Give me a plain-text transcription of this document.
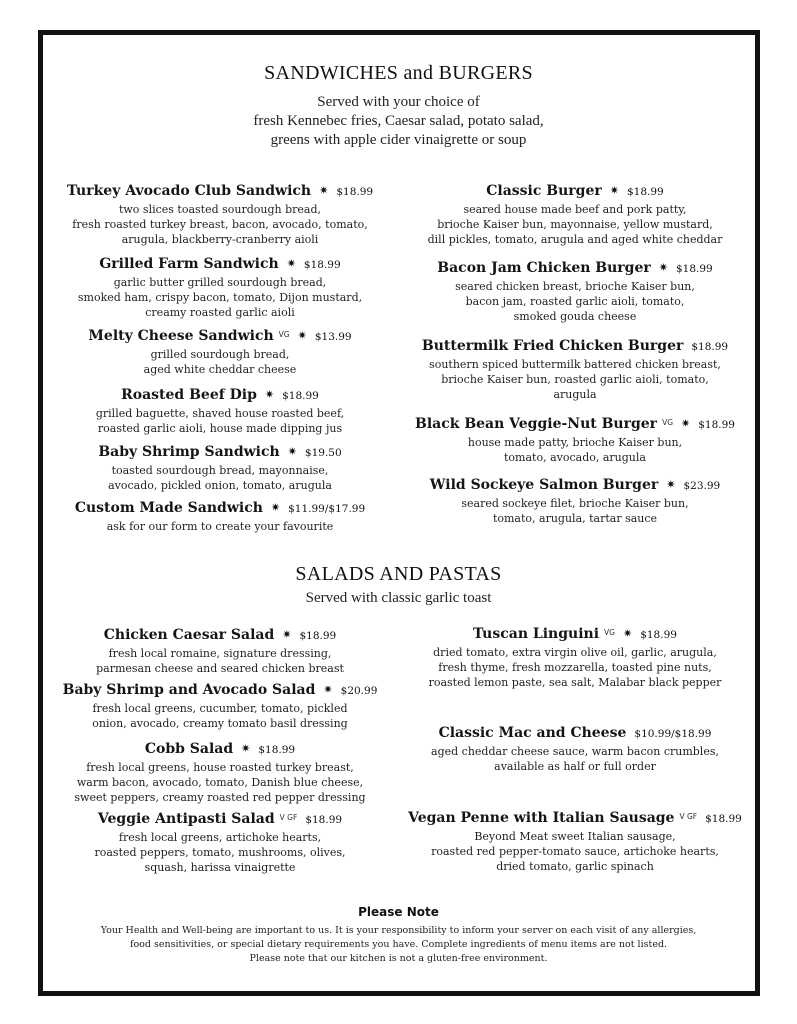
SANDWICHES and BURGERS
Served with your choice of
fresh Kennebec fries, Caesar salad, potato salad,
greens with apple cider vinaigrette or soup
SALADS AND PASTAS
Served with classic garlic toast
Turkey Avocado Club Sandwich ✷ $18.99
two slices toasted sourdough bread,
fresh roasted turkey breast, bacon, avocado, tomato,
arugula, blackberry-cranberry aioli
Grilled Farm Sandwich ✷ $18.99
garlic butter grilled sourdough bread,
smoked ham, crispy bacon, tomato, Dijon mustard,
creamy roasted garlic aioli
Melty Cheese Sandwich VG ✷ $13.99
grilled sourdough bread,
aged white cheddar cheese
Roasted Beef Dip ✷ $18.99
grilled baguette, shaved house roasted beef,
roasted garlic aioli, house made dipping jus
Baby Shrimp Sandwich ✷ $19.50
toasted sourdough bread, mayonnaise,
avocado, pickled onion, tomato, arugula
Custom Made Sandwich ✷ $11.99/$17.99
ask for our form to create your favourite
Classic Burger ✷ $18.99
seared house made beef and pork patty,
brioche Kaiser bun, mayonnaise, yellow mustard,
dill pickles, tomato, arugula and aged white cheddar
Bacon Jam Chicken Burger ✷ $18.99
seared chicken breast, brioche Kaiser bun,
bacon jam, roasted garlic aioli, tomato,
smoked gouda cheese
Buttermilk Fried Chicken Burger $18.99
southern spiced buttermilk battered chicken breast,
brioche Kaiser bun, roasted garlic aioli, tomato,
arugula
Black Bean Veggie-Nut Burger VG ✷ $18.99
house made patty, brioche Kaiser bun,
tomato, avocado, arugula
Wild Sockeye Salmon Burger ✷ $23.99
seared sockeye filet, brioche Kaiser bun,
tomato, arugula, tartar sauce
Chicken Caesar Salad ✷ $18.99
fresh local romaine, signature dressing,
parmesan cheese and seared chicken breast
Baby Shrimp and Avocado Salad ✷ $20.99
fresh local greens, cucumber, tomato, pickled
onion, avocado, creamy tomato basil dressing
Cobb Salad ✷ $18.99
fresh local greens, house roasted turkey breast,
warm bacon, avocado, tomato, Danish blue cheese,
sweet peppers, creamy roasted red pepper dressing
Veggie Antipasti Salad V GF $18.99
fresh local greens, artichoke hearts,
roasted peppers, tomato, mushrooms, olives,
squash, harissa vinaigrette
Tuscan Linguini VG ✷ $18.99
dried tomato, extra virgin olive oil, garlic, arugula,
fresh thyme, fresh mozzarella, toasted pine nuts,
roasted lemon paste, sea salt, Malabar black pepper
Classic Mac and Cheese $10.99/$18.99
aged cheddar cheese sauce, warm bacon crumbles,
available as half or full order
Vegan Penne with Italian Sausage V GF $18.99
Beyond Meat sweet Italian sausage,
roasted red pepper-tomato sauce, artichoke hearts,
dried tomato, garlic spinach
Please Note
Your Health and Well-being are important to us. It is your responsibility to inform your server on each visit of any allergies,
food sensitivities, or special dietary requirements you have. Complete ingredients of menu items are not listed.
Please note that our kitchen is not a gluten-free environment.
